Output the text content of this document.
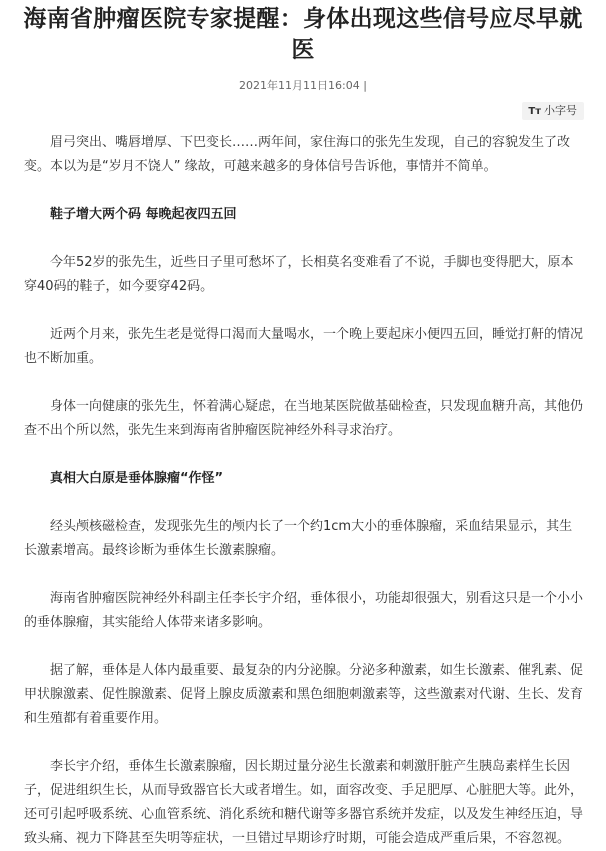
海南省肿瘤医院专家提醒：身体出现这些信号应尽早就医
2021年11月11日16:04 |
Tт 小字号

眉弓突出、嘴唇增厚、下巴变长……两年间，家住海口的张先生发现，自己的容貌发生了改变。本以为是“岁月不饶人” 缘故，可越来越多的身体信号告诉他，事情并不简单。

鞋子增大两个码 每晚起夜四五回

今年52岁的张先生，近些日子里可愁坏了，长相莫名变难看了不说，手脚也变得肥大，原本穿40码的鞋子，如今要穿42码。

近两个月来，张先生老是觉得口渴而大量喝水，一个晚上要起床小便四五回，睡觉打鼾的情况也不断加重。

身体一向健康的张先生，怀着满心疑虑，在当地某医院做基础检查，只发现血糖升高，其他仍查不出个所以然，张先生来到海南省肿瘤医院神经外科寻求治疗。

真相大白原是垂体腺瘤“作怪”

经头颅核磁检查，发现张先生的颅内长了一个约1cm大小的垂体腺瘤，采血结果显示，其生长激素增高。最终诊断为垂体生长激素腺瘤。

海南省肿瘤医院神经外科副主任李长宇介绍，垂体很小，功能却很强大，别看这只是一个小小的垂体腺瘤，其实能给人体带来诸多影响。

据了解，垂体是人体内最重要、最复杂的内分泌腺。分泌多种激素，如生长激素、催乳素、促甲状腺激素、促性腺激素、促肾上腺皮质激素和黑色细胞刺激素等，这些激素对代谢、生长、发育和生殖都有着重要作用。

李长宇介绍，垂体生长激素腺瘤，因长期过量分泌生长激素和刺激肝脏产生胰岛素样生长因子，促进组织生长，从而导致器官长大或者增生。如，面容改变、手足肥厚、心脏肥大等。此外，还可引起呼吸系统、心血管系统、消化系统和糖代谢等多器官系统并发症，以及发生神经压迫，导致头痛、视力下降甚至失明等症状，一旦错过早期诊疗时期，可能会造成严重后果，不容忽视。
